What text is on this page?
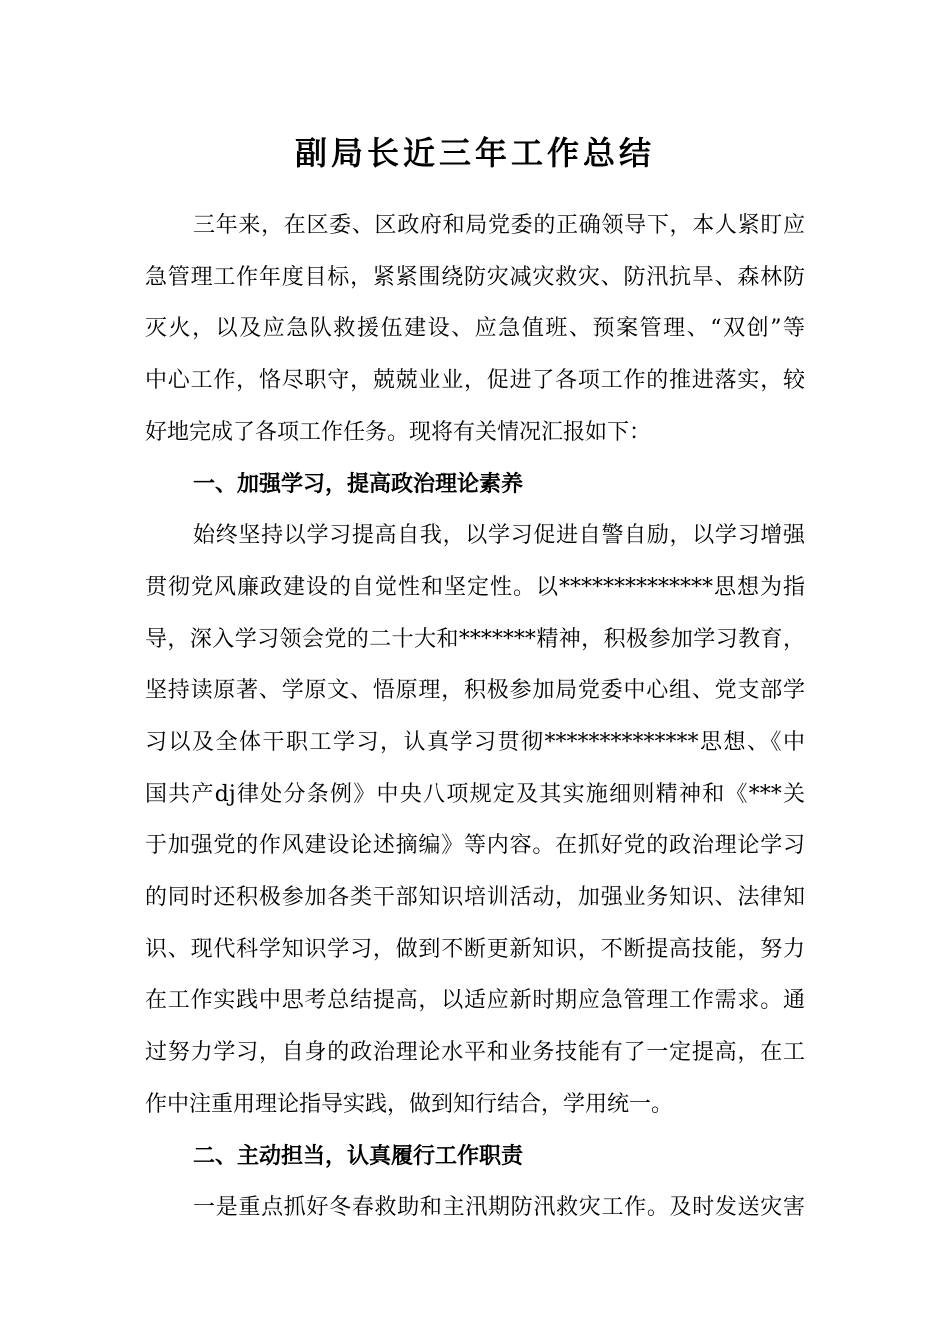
副局长近三年工作总结
三年来，在区委、区政府和局党委的正确领导下，本人紧盯应
急管理工作年度目标，紧紧围绕防灾减灾救灾、防汛抗旱、森林防
灭火，以及应急队救援伍建设、应急值班、预案管理、“双创”等
中心工作，恪尽职守，兢兢业业，促进了各项工作的推进落实，较
好地完成了各项工作任务。现将有关情况汇报如下：
一、加强学习，提高政治理论素养
始终坚持以学习提高自我，以学习促进自警自励，以学习增强
贯彻党风廉政建设的自觉性和坚定性。以**************思想为指
导，深入学习领会党的二十大和*******精神，积极参加学习教育，
坚持读原著、学原文、悟原理，积极参加局党委中心组、党支部学
习以及全体干职工学习，认真学习贯彻**************思想、《中
国共产dj律处分条例》中央八项规定及其实施细则精神和《***关
于加强党的作风建设论述摘编》等内容。在抓好党的政治理论学习
的同时还积极参加各类干部知识培训活动，加强业务知识、法律知
识、现代科学知识学习，做到不断更新知识，不断提高技能，努力
在工作实践中思考总结提高，以适应新时期应急管理工作需求。通
过努力学习，自身的政治理论水平和业务技能有了一定提高，在工
作中注重用理论指导实践，做到知行结合，学用统一。
二、主动担当，认真履行工作职责
一是重点抓好冬春救助和主汛期防汛救灾工作。及时发送灾害
